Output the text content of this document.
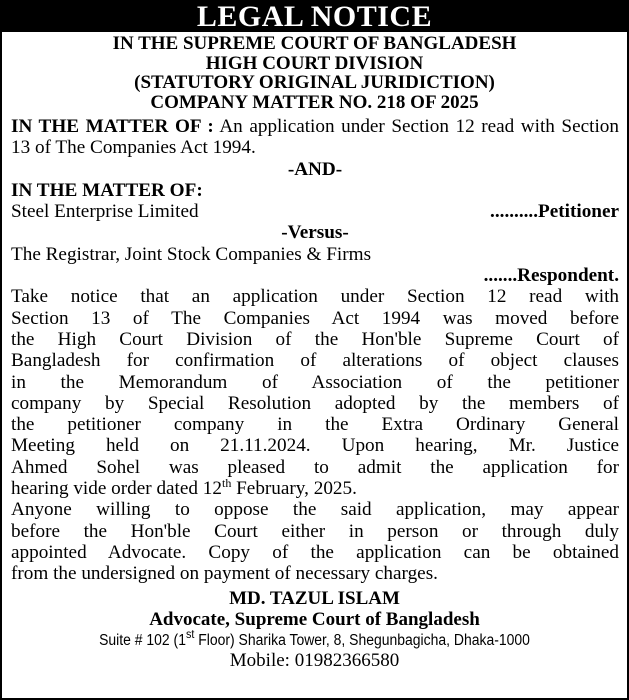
LEGAL NOTICE
IN THE SUPREME COURT OF BANGLADESH
HIGH COURT DIVISION
(STATUTORY ORIGINAL JURIDICTION)
COMPANY MATTER NO. 218 OF 2025
IN THE MATTER OF : An application under Section 12 read with Section 13 of The Companies Act 1994.
-AND-
IN THE MATTER OF:
Steel Enterprise Limited	..........Petitioner
-Versus-
The Registrar, Joint Stock Companies & Firms
.......Respondent.
Take notice that an application under Section 12 read with
Section 13 of The Companies Act 1994 was moved before
the High Court Division of the Hon'ble Supreme Court of
Bangladesh for confirmation of alterations of object clauses
in the Memorandum of Association of the petitioner
company by Special Resolution adopted by the members of
the petitioner company in the Extra Ordinary General
Meeting held on 21.11.2024. Upon hearing, Mr. Justice
Ahmed Sohel was pleased to admit the application for
hearing vide order dated 12th February, 2025.
Anyone willing to oppose the said application, may appear
before the Hon'ble Court either in person or through duly
appointed Advocate. Copy of the application can be obtained
from the undersigned on payment of necessary charges.
MD. TAZUL ISLAM
Advocate, Supreme Court of Bangladesh
Suite # 102 (1st Floor) Sharika Tower, 8, Shegunbagicha, Dhaka-1000
Mobile: 01982366580
